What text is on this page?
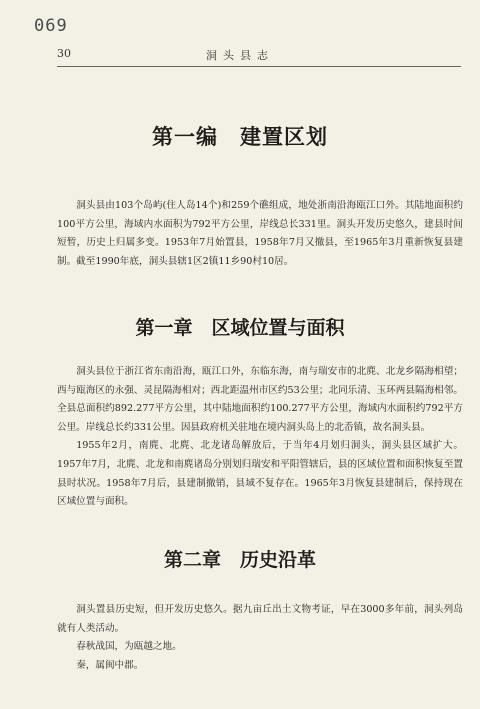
069
30	洞头县志
第一编　建置区划

洞头县由103个岛屿(住人岛14个)和259个礁组成，地处浙南沿海瓯江口外。其陆地面积约100平方公里，海域内水面积为792平方公里，岸线总长331里。洞头开发历史悠久，建县时间短暂，历史上归属多变。1953年7月始置县，1958年7月又撤县，至1965年3月重新恢复县建制。截至1990年底，洞头县辖1区2镇11乡90村10居。

第一章　区域位置与面积

洞头县位于浙江省东南沿海，瓯江口外，东临东海，南与瑞安市的北麂、北龙乡隔海相望；西与瓯海区的永强、灵昆隔海相对；西北距温州市区约53公里；北同乐清、玉环两县隔海相邻。全县总面积约892.277平方公里，其中陆地面积约100.277平方公里，海域内水面积约792平方公里。岸线总长约331公里。因县政府机关驻地在境内洞头岛上的北岙镇，故名洞头县。

1955年2月，南麂、北麂、北龙诸岛解放后，于当年4月划归洞头，洞头县区域扩大。1957年7月，北麂、北龙和南麂诸岛分别划归瑞安和平阳管辖后，县的区域位置和面积恢复至置县时状况。1958年7月后，县建制撤销，县域不复存在。1965年3月恢复县建制后，保持现在区域位置与面积。

第二章　历史沿革

洞头置县历史短，但开发历史悠久。据九亩丘出土文物考证，早在3000多年前，洞头列岛就有人类活动。

春秋战国，为瓯越之地。

秦，属闽中郡。
